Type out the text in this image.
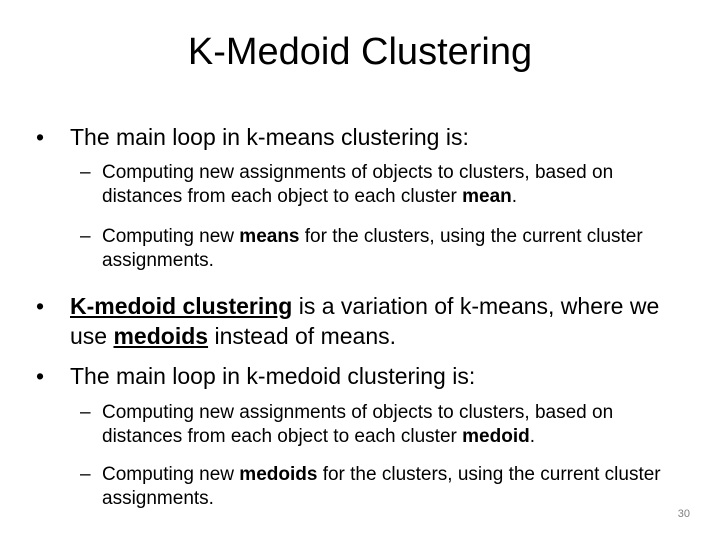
K-Medoid Clustering
•	The main loop in k-means clustering is:
– Computing new assignments of objects to clusters, based on distances from each object to each cluster mean.
– Computing new means for the clusters, using the current cluster assignments.
•	K-medoid clustering is a variation of k-means, where we use medoids instead of means.
•	The main loop in k-medoid clustering is:
– Computing new assignments of objects to clusters, based on distances from each object to each cluster medoid.
– Computing new medoids for the clusters, using the current cluster assignments.
30
